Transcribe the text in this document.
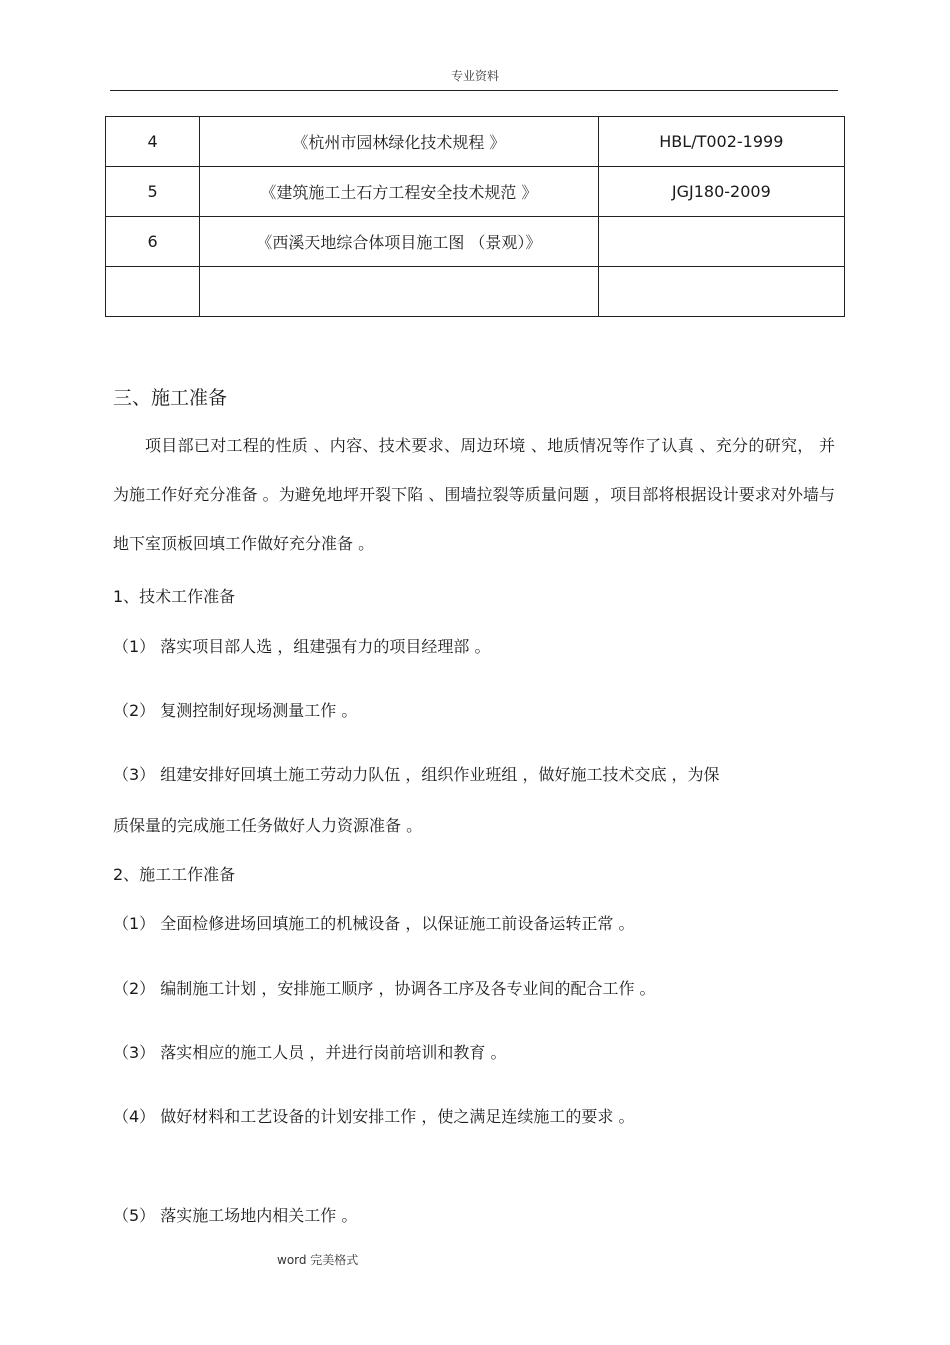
专业资料
4	《杭州市园林绿化技术规程 》	HBL/T002-1999
5	《建筑施工土石方工程安全技术规范 》	JGJ180-2009
6	《西溪天地综合体项目施工图 （景观）》	

三、施工准备
项目部已对工程的性质 、内容、技术要求、周边环境 、地质情况等作了认真 、充分的研究， 并为施工作好充分准备 。为避免地坪开裂下陷 、围墙拉裂等质量问题 ，项目部将根据设计要求对外墙与地下室顶板回填工作做好充分准备 。
1、技术工作准备
（1） 落实项目部人选 ，组建强有力的项目经理部 。
（2） 复测控制好现场测量工作 。
（3） 组建安排好回填土施工劳动力队伍 ，组织作业班组 ，做好施工技术交底 ，为保
质保量的完成施工任务做好人力资源准备 。
2、施工工作准备
（1） 全面检修进场回填施工的机械设备 ，以保证施工前设备运转正常 。
（2） 编制施工计划 ，安排施工顺序 ，协调各工序及各专业间的配合工作 。
（3） 落实相应的施工人员 ，并进行岗前培训和教育 。
（4） 做好材料和工艺设备的计划安排工作 ，使之满足连续施工的要求 。
（5） 落实施工场地内相关工作 。
word 完美格式
